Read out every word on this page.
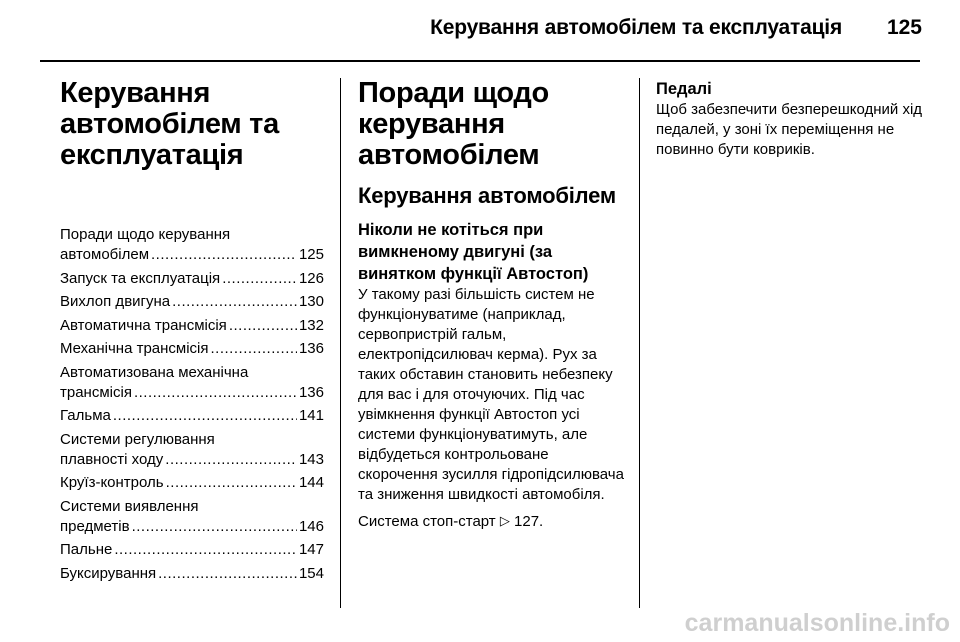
Керування автомобілем та експлуатація 125
Керування автомобілем та експлуатація
Поради щодо керування
автомобілем .....	125
Запуск та експлуатація .....	126
Вихлоп двигуна .....	130
Автоматична трансмісія .....	132
Механічна трансмісія .....	136
Автоматизована механічна
трансмісія .....	136
Гальма .....	141
Системи регулювання
плавності ходу .....	143
Круїз-контроль .....	144
Системи виявлення
предметів .....	146
Пальне .....	147
Буксирування .....	154
Поради щодо керування автомобілем
Керування автомобілем
Ніколи не котіться при вимкненому двигуні (за винятком функції Автостоп)

У такому разі більшість систем не функціонуватиме (наприклад, сервопристрій гальм, електропідсилювач керма). Рух за таких обставин становить небезпеку для вас і для оточуючих. Під час увімкнення функції Автостоп усі системи функціонуватимуть, але відбудеться контрольоване скорочення зусилля гідропідсилювача та зниження швидкості автомобіля.

Система стоп-старт ▷ 127.

Педалі

Щоб забезпечити безперешкодний хід педалей, у зоні їх переміщення не повинно бути ковриків.

carmanualsonline.info
